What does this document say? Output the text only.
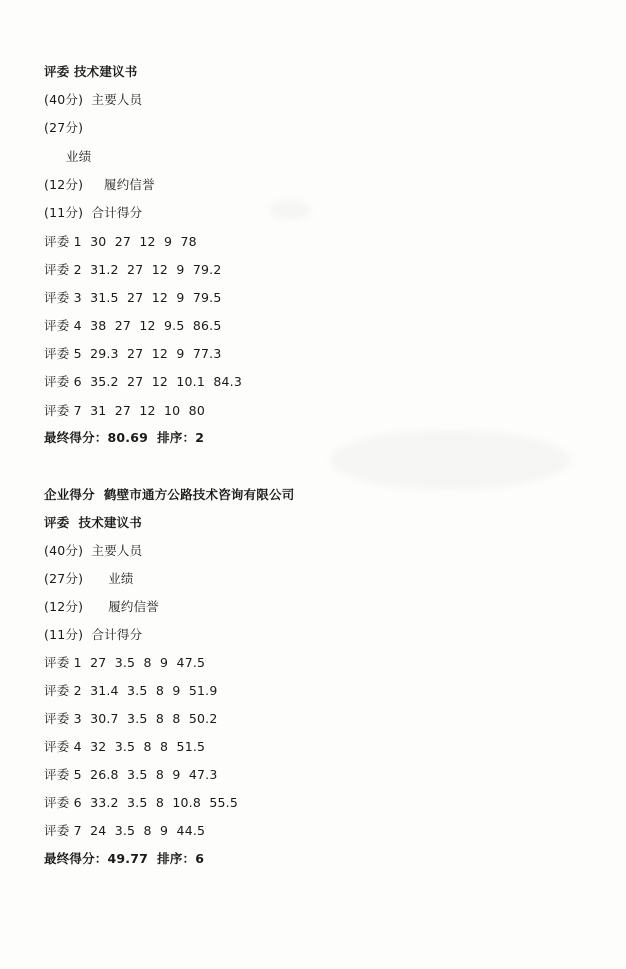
评委 技术建议书
(40分)  主要人员
(27分)
业绩
(12分)     履约信誉
(11分)  合计得分
评委 1  30  27  12  9  78
评委 2  31.2  27  12  9  79.2
评委 3  31.5  27  12  9  79.5
评委 4  38  27  12  9.5  86.5
评委 5  29.3  27  12  9  77.3
评委 6  35.2  27  12  10.1  84.3
评委 7  31  27  12  10  80
最终得分：80.69  排序：2
企业得分  鹤壁市通方公路技术咨询有限公司
评委  技术建议书
(40分)  主要人员
(27分)      业绩
(12分)      履约信誉
(11分)  合计得分
评委 1  27  3.5  8  9  47.5
评委 2  31.4  3.5  8  9  51.9
评委 3  30.7  3.5  8  8  50.2
评委 4  32  3.5  8  8  51.5
评委 5  26.8  3.5  8  9  47.3
评委 6  33.2  3.5  8  10.8  55.5
评委 7  24  3.5  8  9  44.5
最终得分：49.77  排序：6
